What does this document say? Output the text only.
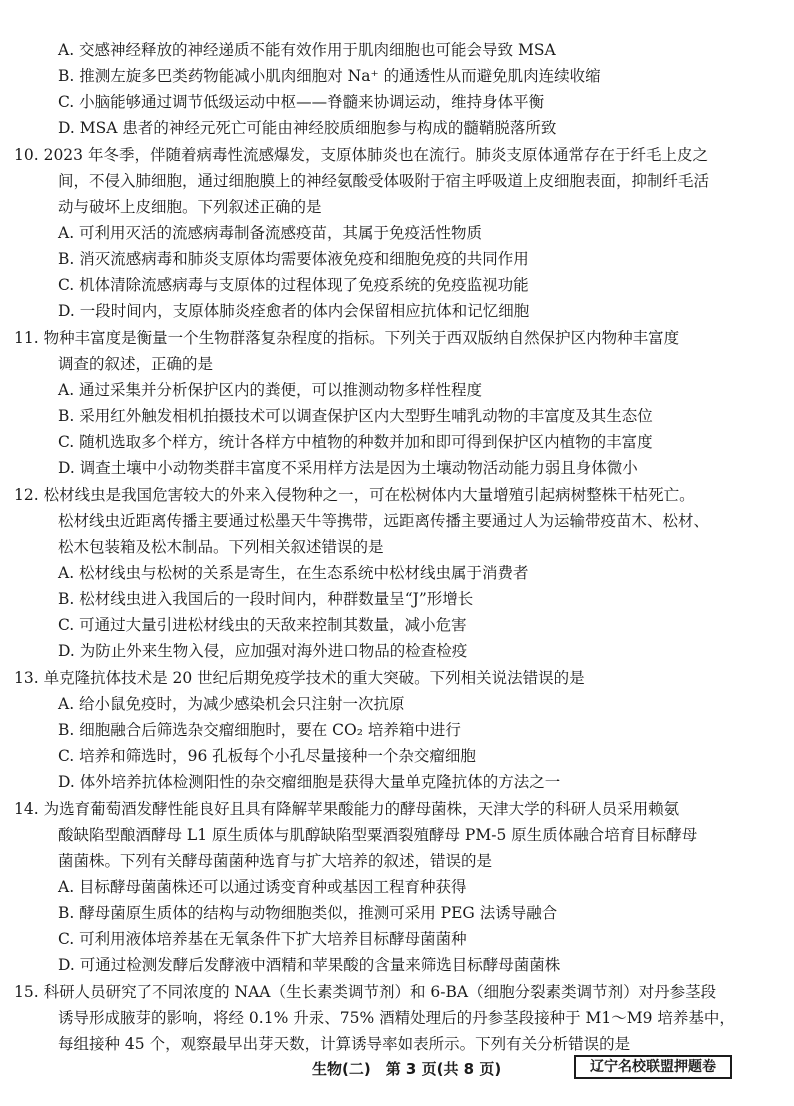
A. 交感神经释放的神经递质不能有效作用于肌肉细胞也可能会导致 MSA
B. 推测左旋多巴类药物能减小肌肉细胞对 Na⁺ 的通透性从而避免肌肉连续收缩
C. 小脑能够通过调节低级运动中枢——脊髓来协调运动，维持身体平衡
D. MSA 患者的神经元死亡可能由神经胶质细胞参与构成的髓鞘脱落所致
10. 2023 年冬季，伴随着病毒性流感爆发，支原体肺炎也在流行。肺炎支原体通常存在于纤毛上皮之
间，不侵入肺细胞，通过细胞膜上的神经氨酸受体吸附于宿主呼吸道上皮细胞表面，抑制纤毛活
动与破坏上皮细胞。下列叙述正确的是
A. 可利用灭活的流感病毒制备流感疫苗，其属于免疫活性物质
B. 消灭流感病毒和肺炎支原体均需要体液免疫和细胞免疫的共同作用
C. 机体清除流感病毒与支原体的过程体现了免疫系统的免疫监视功能
D. 一段时间内，支原体肺炎痊愈者的体内会保留相应抗体和记忆细胞
11. 物种丰富度是衡量一个生物群落复杂程度的指标。下列关于西双版纳自然保护区内物种丰富度
调查的叙述，正确的是
A. 通过采集并分析保护区内的粪便，可以推测动物多样性程度
B. 采用红外触发相机拍摄技术可以调查保护区内大型野生哺乳动物的丰富度及其生态位
C. 随机选取多个样方，统计各样方中植物的种数并加和即可得到保护区内植物的丰富度
D. 调查土壤中小动物类群丰富度不采用样方法是因为土壤动物活动能力弱且身体微小
12. 松材线虫是我国危害较大的外来入侵物种之一，可在松树体内大量增殖引起病树整株干枯死亡。
松材线虫近距离传播主要通过松墨天牛等携带，远距离传播主要通过人为运输带疫苗木、松材、
松木包装箱及松木制品。下列相关叙述错误的是
A. 松材线虫与松树的关系是寄生，在生态系统中松材线虫属于消费者
B. 松材线虫进入我国后的一段时间内，种群数量呈“J”形增长
C. 可通过大量引进松材线虫的天敌来控制其数量，减小危害
D. 为防止外来生物入侵，应加强对海外进口物品的检查检疫
13. 单克隆抗体技术是 20 世纪后期免疫学技术的重大突破。下列相关说法错误的是
A. 给小鼠免疫时，为减少感染机会只注射一次抗原
B. 细胞融合后筛选杂交瘤细胞时，要在 CO₂ 培养箱中进行
C. 培养和筛选时，96 孔板每个小孔尽量接种一个杂交瘤细胞
D. 体外培养抗体检测阳性的杂交瘤细胞是获得大量单克隆抗体的方法之一
14. 为选育葡萄酒发酵性能良好且具有降解苹果酸能力的酵母菌株，天津大学的科研人员采用赖氨
酸缺陷型酿酒酵母 L1 原生质体与肌醇缺陷型粟酒裂殖酵母 PM-5 原生质体融合培育目标酵母
菌菌株。下列有关酵母菌菌种选育与扩大培养的叙述，错误的是
A. 目标酵母菌菌株还可以通过诱变育种或基因工程育种获得
B. 酵母菌原生质体的结构与动物细胞类似，推测可采用 PEG 法诱导融合
C. 可利用液体培养基在无氧条件下扩大培养目标酵母菌菌种
D. 可通过检测发酵后发酵液中酒精和苹果酸的含量来筛选目标酵母菌菌株
15. 科研人员研究了不同浓度的 NAA（生长素类调节剂）和 6-BA（细胞分裂素类调节剂）对丹参茎段
诱导形成腋芽的影响，将经 0.1% 升汞、75% 酒精处理后的丹参茎段接种于 M1～M9 培养基中，
每组接种 45 个，观察最早出芽天数，计算诱导率如表所示。下列有关分析错误的是
生物(二)　第 3 页(共 8 页)	辽宁名校联盟押题卷
